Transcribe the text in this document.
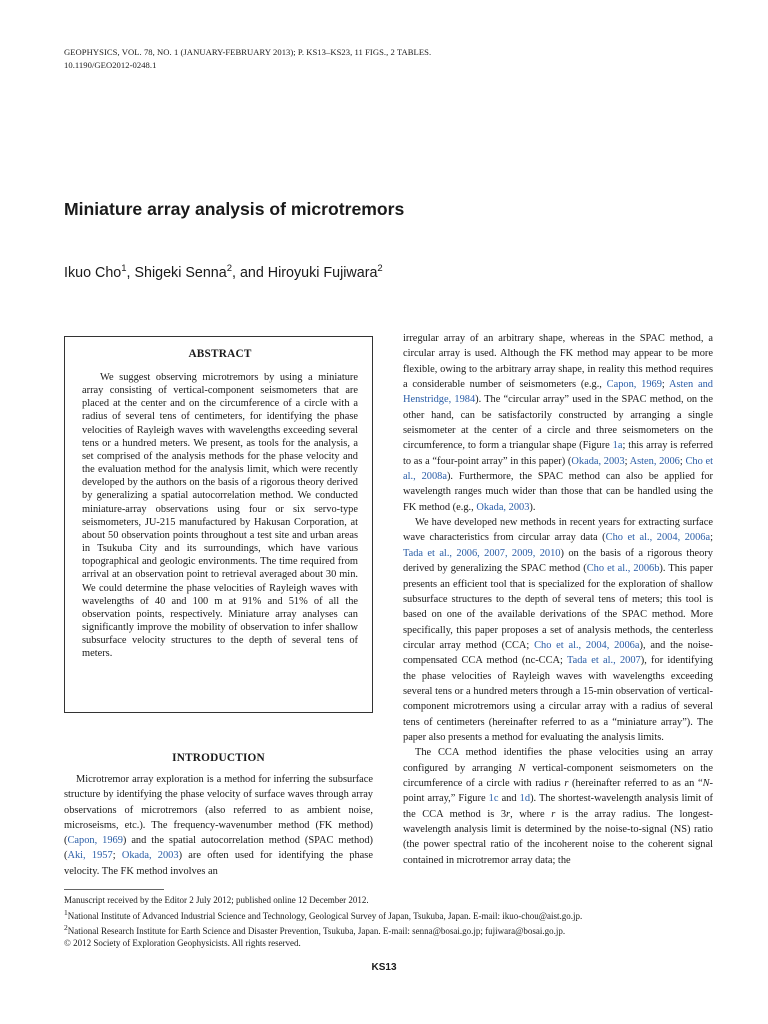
GEOPHYSICS, VOL. 78, NO. 1 (JANUARY-FEBRUARY 2013); P. KS13–KS23, 11 FIGS., 2 TABLES.
10.1190/GEO2012-0248.1
Miniature array analysis of microtremors
Ikuo Cho$^1$, Shigeki Senna$^2$, and Hiroyuki Fujiwara$^2$
ABSTRACT

We suggest observing microtremors by using a miniature array consisting of vertical-component seismometers that are placed at the center and on the circumference of a circle with a radius of several tens of centimeters, for identifying the phase velocities of Rayleigh waves with wavelengths exceeding several tens or a hundred meters. We present, as tools for the analysis, a set comprised of the analysis methods for the phase velocity and the evaluation method for the analysis limit, which were recently developed by the authors on the basis of a rigorous theory derived by generalizing a spatial autocorrelation method. We conducted miniature-array observations using four or six servo-type seismometers, JU-215 manufactured by Hakusan Corporation, at about 50 observation points throughout a test site and urban areas in Tsukuba City and its surroundings, which have various topographical and geologic environments. The time required from arrival at an observation point to retrieval averaged about 30 min. We could determine the phase velocities of Rayleigh waves with wavelengths of 40 and 100 m at 91% and 51% of all the observation points, respectively. Miniature array analyses can significantly improve the mobility of observation to infer shallow subsurface velocity structures to the depth of several tens of meters.

INTRODUCTION

Microtremor array exploration is a method for inferring the subsurface structure by identifying the phase velocity of surface waves through array observations of microtremors (also referred to as ambient noise, microseisms, etc.). The frequency-wavenumber method (FK method) (Capon, 1969) and the spatial autocorrelation method (SPAC method) (Aki, 1957; Okada, 2003) are often used for identifying the phase velocity. The FK method involves an

irregular array of an arbitrary shape, whereas in the SPAC method, a circular array is used. Although the FK method may appear to be more flexible, owing to the arbitrary array shape, in reality this method requires a considerable number of seismometers (e.g., Capon, 1969; Asten and Henstridge, 1984). The “circular array” used in the SPAC method, on the other hand, can be satisfactorily constructed by arranging a single seismometer at the center of a circle and three seismometers on the circumference, to form a triangular shape (Figure 1a; this array is referred to as a “four-point array” in this paper) (Okada, 2003; Asten, 2006; Cho et al., 2008a). Furthermore, the SPAC method can also be applied for wavelength ranges much wider than those that can be handled using the FK method (e.g., Okada, 2003).

We have developed new methods in recent years for extracting surface wave characteristics from circular array data (Cho et al., 2004, 2006a; Tada et al., 2006, 2007, 2009, 2010) on the basis of a rigorous theory derived by generalizing the SPAC method (Cho et al., 2006b). This paper presents an efficient tool that is specialized for the exploration of shallow subsurface structures to the depth of several tens of meters; this tool is based on one of the available derivations of the SPAC method. More specifically, this paper proposes a set of analysis methods, the centerless circular array method (CCA; Cho et al., 2004, 2006a), and the noise-compensated CCA method (nc-CCA; Tada et al., 2007), for identifying the phase velocities of Rayleigh waves with wavelengths exceeding several tens or a hundred meters through a 15-min observation of vertical-component microtremors using a circular array with a radius of several tens of centimeters (hereinafter referred to as a “miniature array”). The paper also presents a method for evaluating the analysis limits.

The CCA method identifies the phase velocities using an array configured by arranging N vertical-component seismometers on the circumference of a circle with radius r (hereinafter referred to as an “N-point array,” Figure 1c and 1d). The shortest-wavelength analysis limit of the CCA method is 3r, where r is the array radius. The longest-wavelength analysis limit is determined by the noise-to-signal (NS) ratio (the power spectral ratio of the incoherent noise to the coherent signal contained in microtremor array data; the

Manuscript received by the Editor 2 July 2012; published online 12 December 2012.
$^1$National Institute of Advanced Industrial Science and Technology, Geological Survey of Japan, Tsukuba, Japan. E-mail: ikuo-chou@aist.go.jp.
$^2$National Research Institute for Earth Science and Disaster Prevention, Tsukuba, Japan. E-mail: senna@bosai.go.jp; fujiwara@bosai.go.jp.
© 2012 Society of Exploration Geophysicists. All rights reserved.
KS13
